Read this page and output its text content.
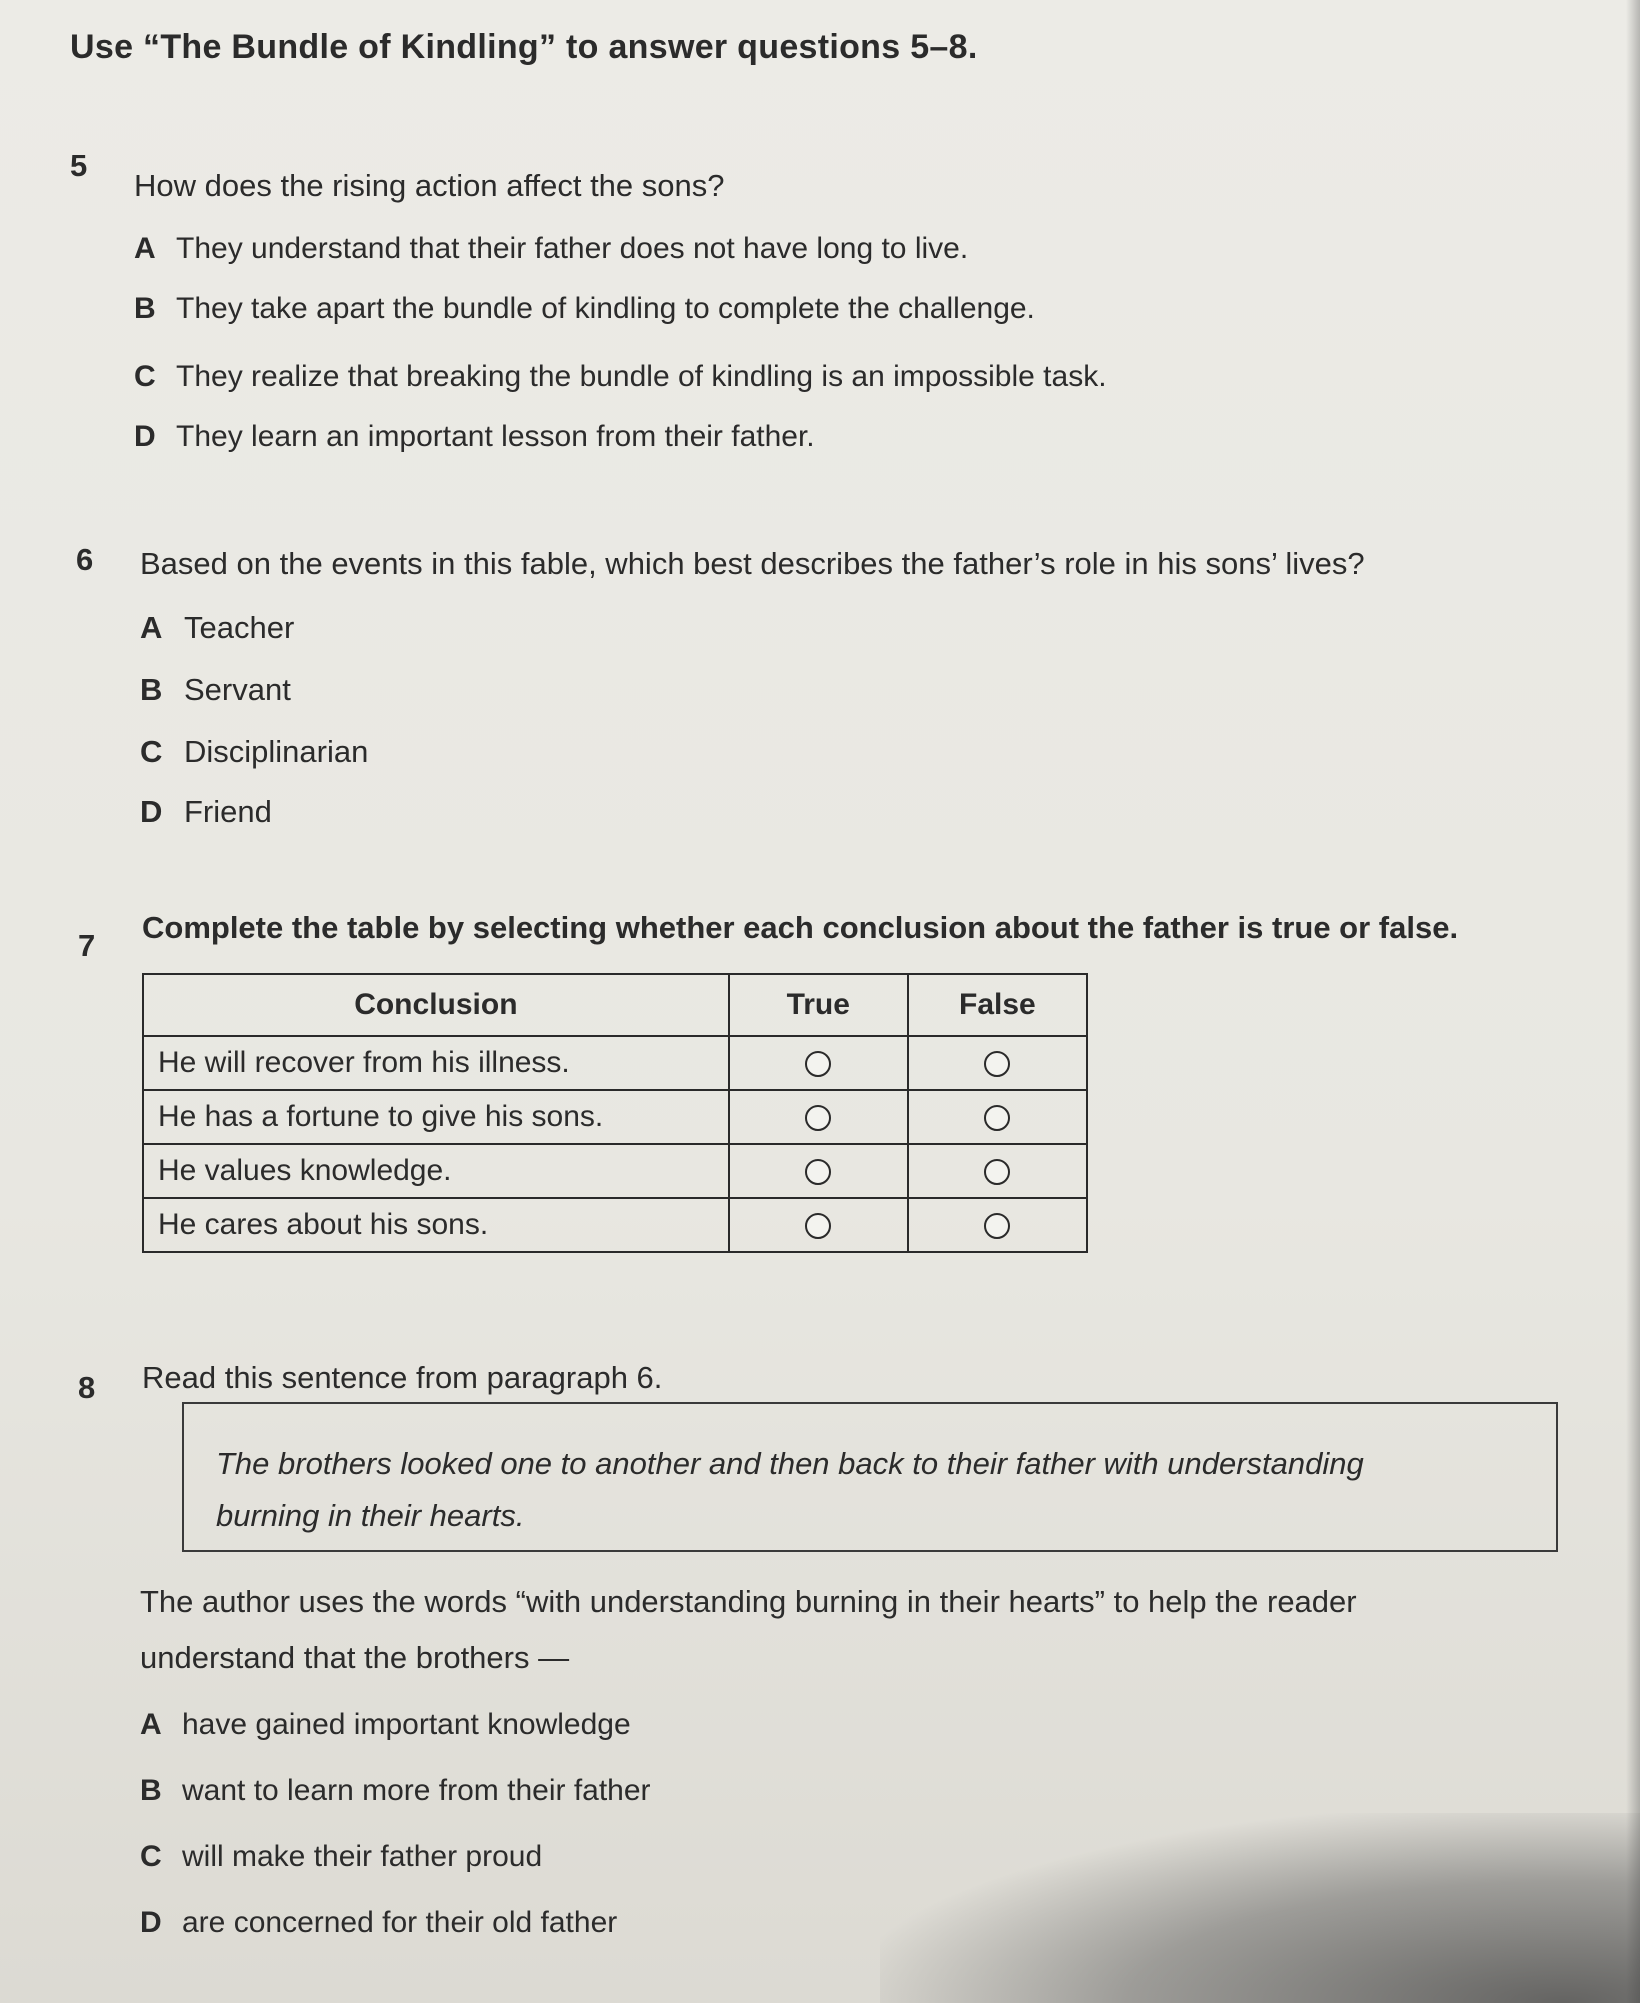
Use “The Bundle of Kindling” to answer questions 5–8.
5
How does the rising action affect the sons?
A They understand that their father does not have long to live.
B They take apart the bundle of kindling to complete the challenge.
C They realize that breaking the bundle of kindling is an impossible task.
D They learn an important lesson from their father.
6 Based on the events in this fable, which best describes the father’s role in his sons’ lives?
A Teacher
B Servant
C Disciplinarian
D Friend
7
Complete the table by selecting whether each conclusion about the father is true or false.
Conclusion	True	False
He will recover from his illness.		
He has a fortune to give his sons.		
He values knowledge.		
He cares about his sons.		
8 Read this sentence from paragraph 6.
The brothers looked one to another and then back to their father with understanding
burning in their hearts.
The author uses the words “with understanding burning in their hearts” to help the reader
understand that the brothers —
A have gained important knowledge
B want to learn more from their father
C will make their father proud
D are concerned for their old father
